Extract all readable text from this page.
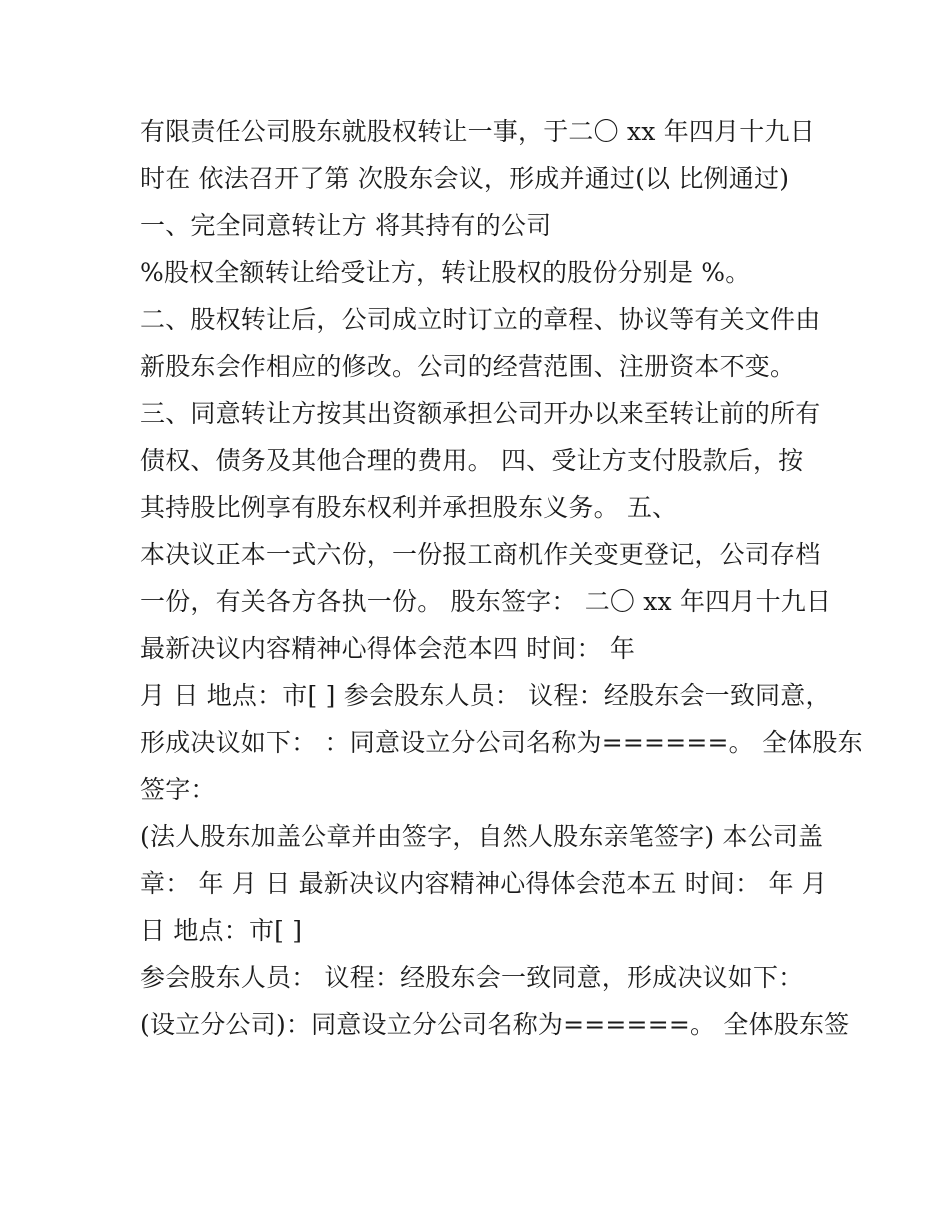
有限责任公司股东就股权转让一事，于二〇 xx 年四月十九日
时在 依法召开了第 次股东会议，形成并通过(以 比例通过)
一、完全同意转让方 将其持有的公司
%股权全额转让给受让方，转让股权的股份分别是 %。
二、股权转让后，公司成立时订立的章程、协议等有关文件由
新股东会作相应的修改。公司的经营范围、注册资本不变。
三、同意转让方按其出资额承担公司开办以来至转让前的所有
债权、债务及其他合理的费用。 四、受让方支付股款后，按
其持股比例享有股东权利并承担股东义务。 五、
本决议正本一式六份，一份报工商机作关变更登记，公司存档
一份，有关各方各执一份。 股东签字： 二〇 xx 年四月十九日
最新决议内容精神心得体会范本四 时间： 年
月 日 地点：市[ ] 参会股东人员： 议程：经股东会一致同意，
形成决议如下： ：同意设立分公司名称为======。 全体股东
签字：
(法人股东加盖公章并由签字，自然人股东亲笔签字) 本公司盖
章： 年 月 日 最新决议内容精神心得体会范本五 时间： 年 月
日 地点：市[ ]
参会股东人员： 议程：经股东会一致同意，形成决议如下：
(设立分公司)：同意设立分公司名称为======。 全体股东签
